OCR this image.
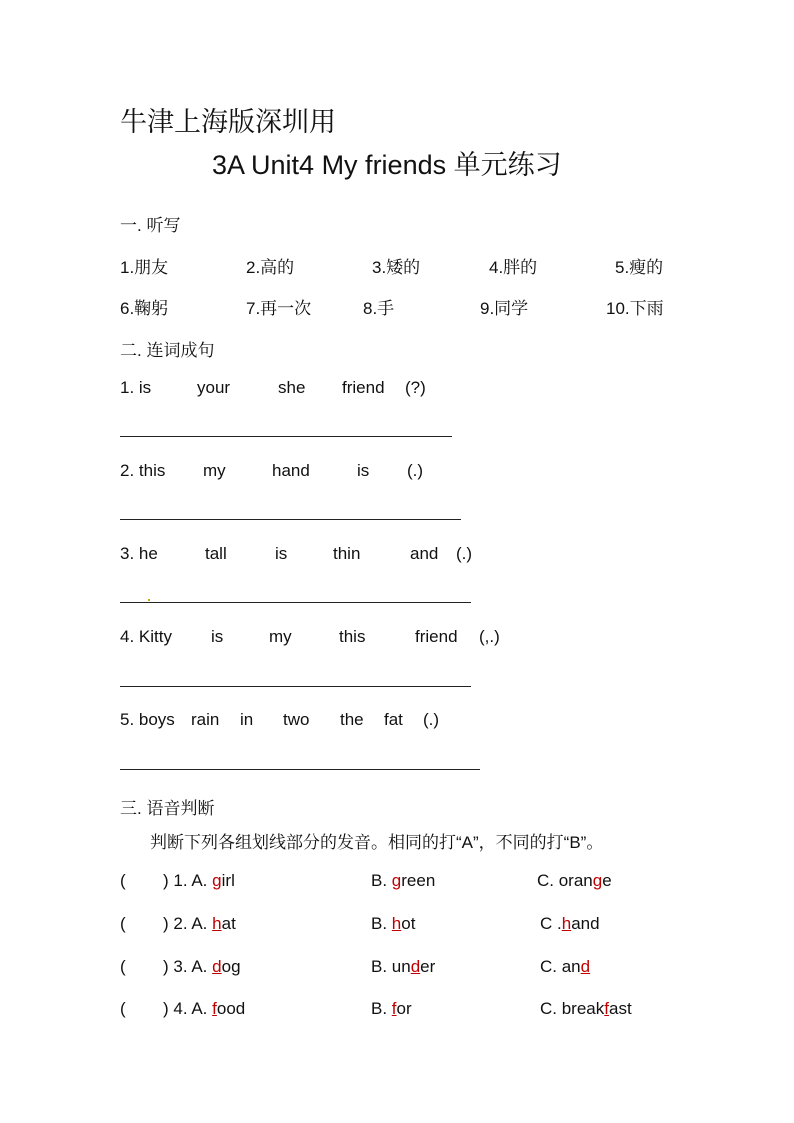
牛津上海版深圳用
3A Unit4 My friends 单元练习
一. 听写
1.朋友	2.高的	3.矮的	4.胖的	5.瘦的
6.鞠躬	7.再一次	8.手	9.同学	10.下雨
二. 连词成句
1. is	your	she friend (?)
2. this my	hand	is (.)
3. he	tall	is	thin	and (.)
4. Kitty is	my	this	friend (,.)
5. boys rain in two the fat (.)
三. 语音判断
判断下列各组划线部分的发音。相同的打“A”，不同的打“B”。
( ) 1. A. girl	B. green	C. orange
( ) 2. A. hat	B. hot	C .hand
( ) 3. A. dog	B. under	C. and
( ) 4. A. food	B. for	C. breakfast
